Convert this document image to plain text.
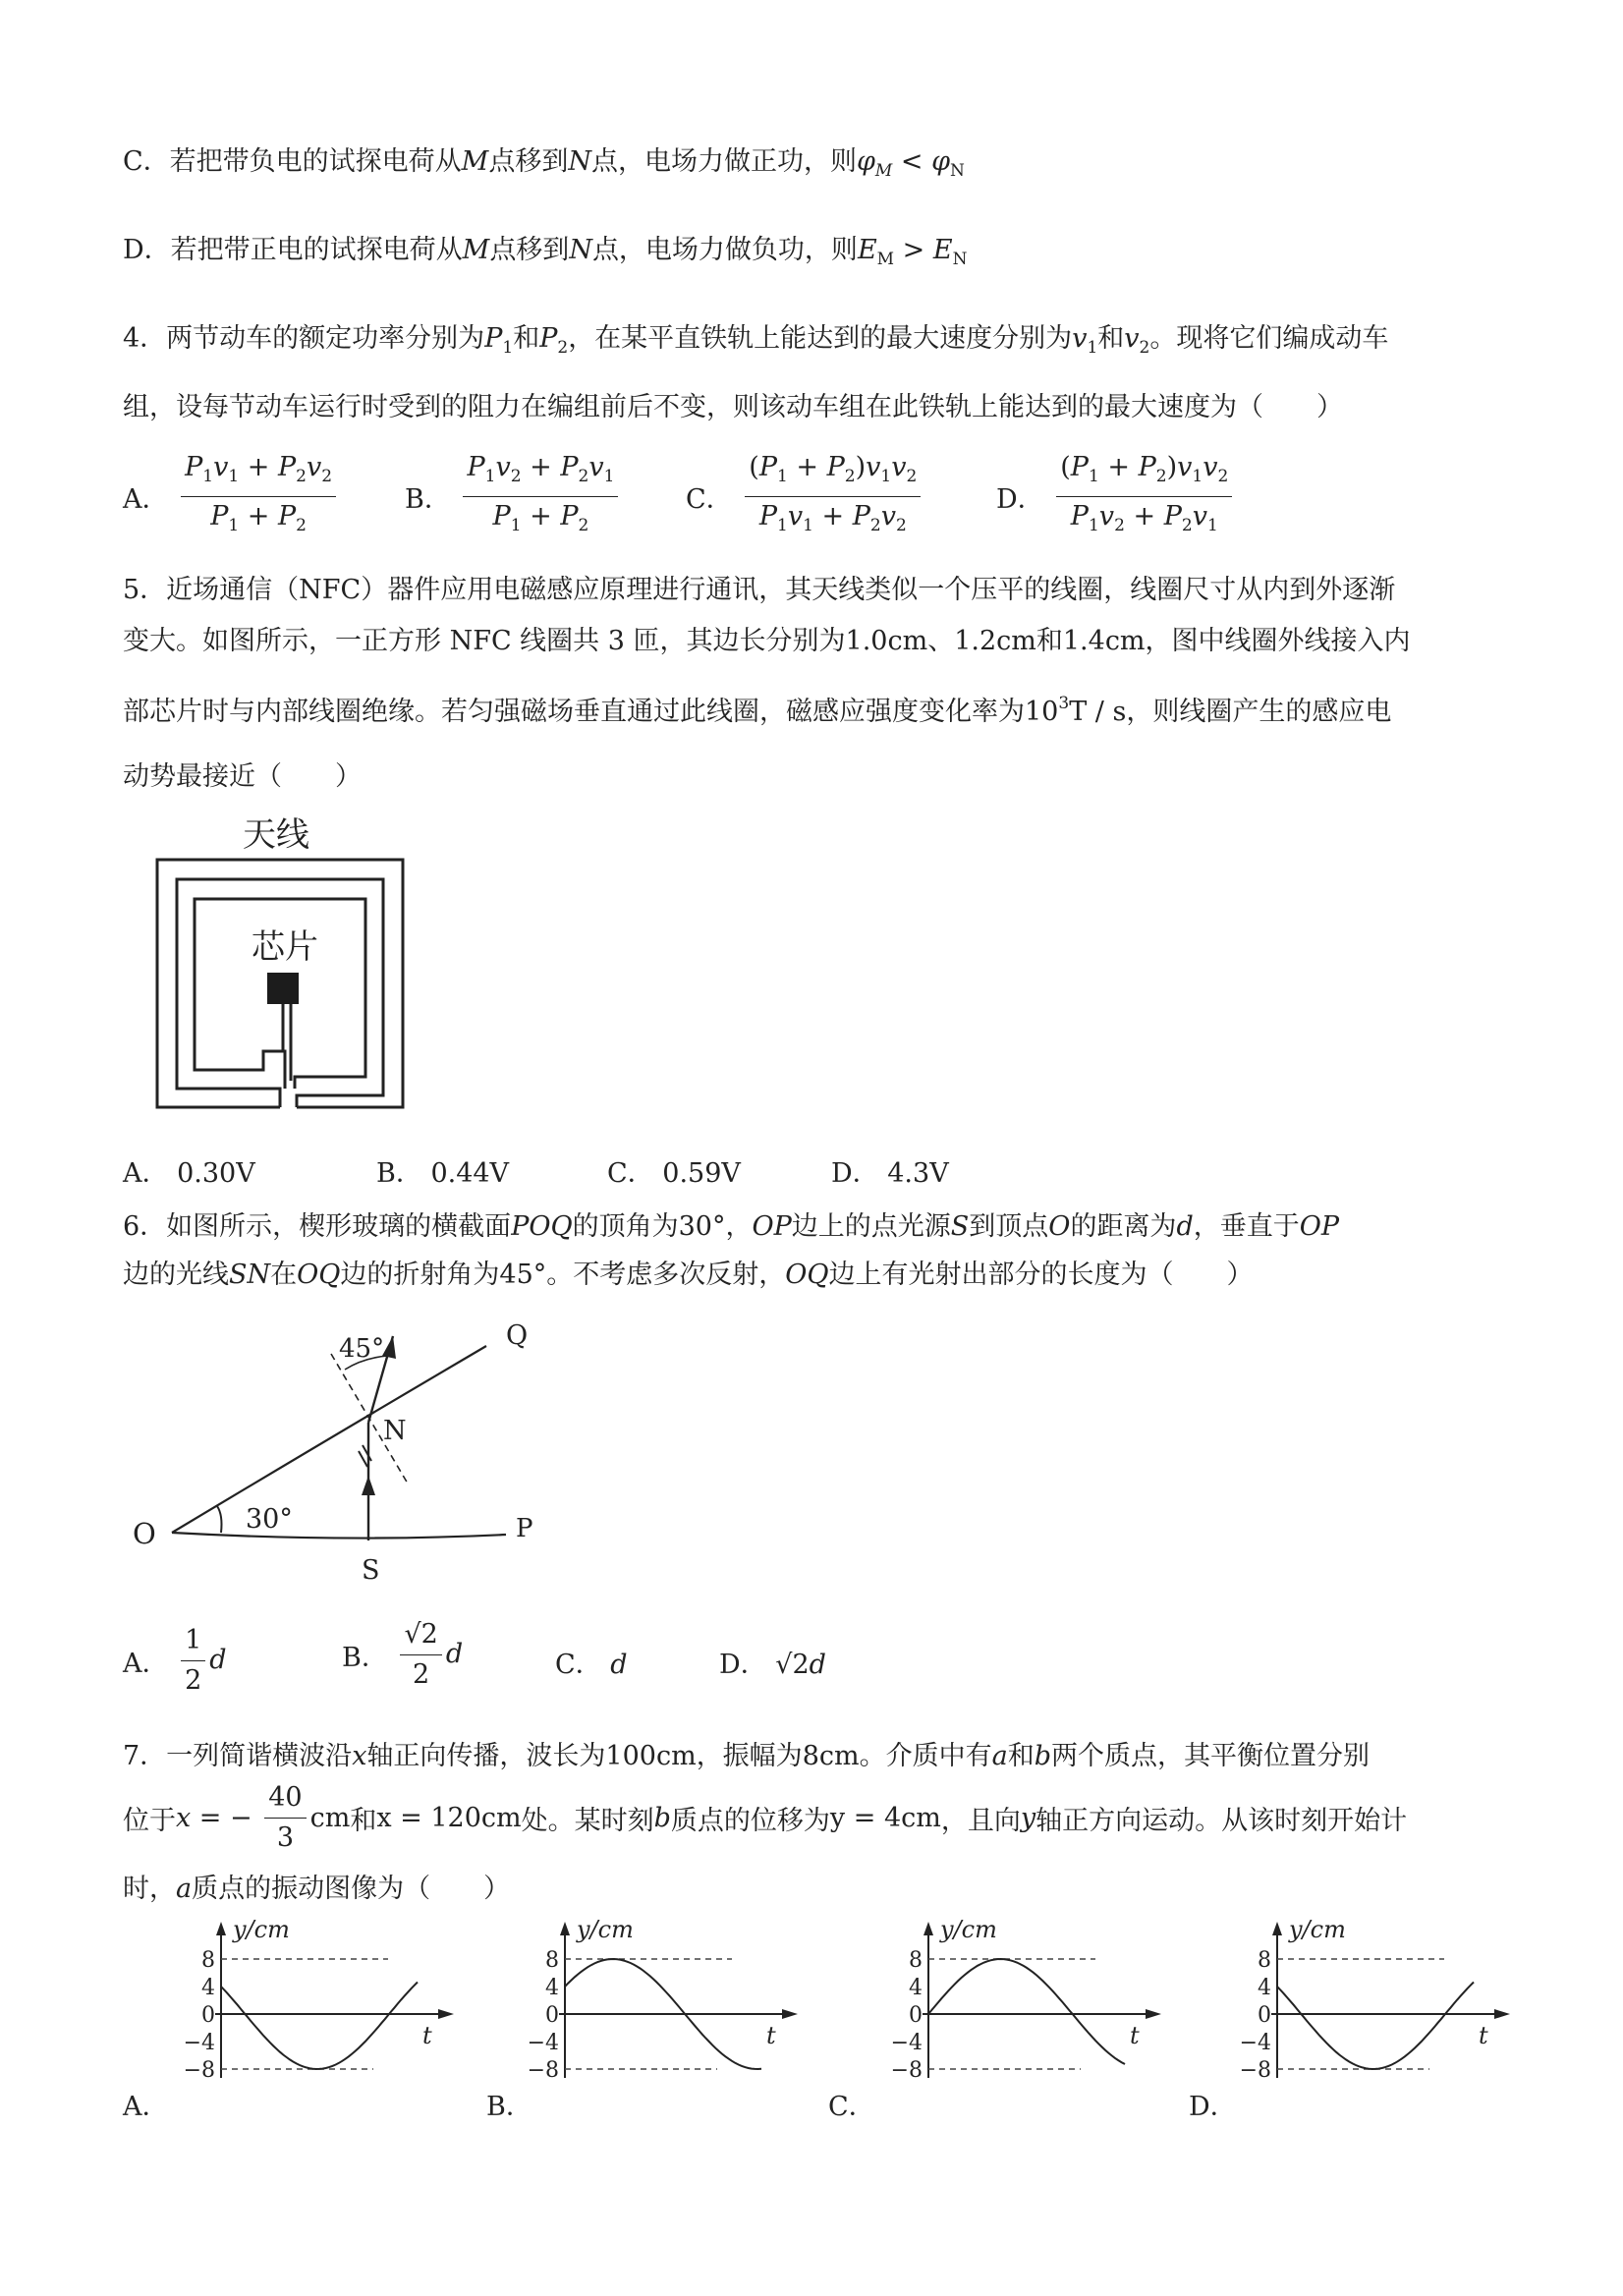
C．若把带负电的试探电荷从M点移到N点，电场力做正功，则$\varphi_M < \varphi_N$
D．若把带正电的试探电荷从M点移到N点，电场力做负功，则$E_M > E_N$
4．两节动车的额定功率分别为$P_1$和$P_2$，在某平直铁轨上能达到的最大速度分别为$v_1$和$v_2$。现将它们编成动车
组，设每节动车运行时受到的阻力在编组前后不变，则该动车组在此铁轨上能达到的最大速度为（　　）
A． $\frac{P_1v_1 + P_2v_2}{P_1 + P_2}$	B． $\frac{P_1v_2 + P_2v_1}{P_1 + P_2}$	C． $\frac{(P_1 + P_2)v_1v_2}{P_1v_1 + P_2v_2}$	D． $\frac{(P_1 + P_2)v_1v_2}{P_1v_2 + P_2v_1}$
5．近场通信（NFC）器件应用电磁感应原理进行通讯，其天线类似一个压平的线圈，线圈尺寸从内到外逐渐
变大。如图所示，一正方形 NFC 线圈共 3 匝，其边长分别为1.0cm、1.2cm和1.4cm，图中线圈外线接入内
部芯片时与内部线圈绝缘。若匀强磁场垂直通过此线圈，磁感应强度变化率为$10^3T$ / s，则线圈产生的感应电
动势最接近（　　）
天线
芯片
A． 0.30V	B． 0.44V	C． 0.59V	D． 4.3V
6．如图所示，楔形玻璃的横截面POQ的顶角为30°，OP边上的点光源S到顶点O的距离为d，垂直于OP
边的光线SN在OQ边的折射角为45°。不考虑多次反射，OQ边上有光射出部分的长度为（　　）
Q
N
O	P
S
45°
30°
A． $\frac{1}{2}$ d	B． $\frac{√2}{2}$ d	C． d	D． √2d
7．一列简谐横波沿x轴正向传播，波长为100cm，振幅为8cm。介质中有a和b两个质点，其平衡位置分别
位于x = − $\frac{40}{3}$ cm和x = 120cm处。某时刻b质点的位移为y = 4cm，且向y轴正方向运动。从该时刻开始计
时，a质点的振动图像为（　　）
y/cm
t
8
4
0
−4
−8
y/cm
t
8
4
0
−4
−8
y/cm
t
8
4
0
−4
−8
y/cm
t
8
4
0
−4
−8
A．	B．	C．	D．
